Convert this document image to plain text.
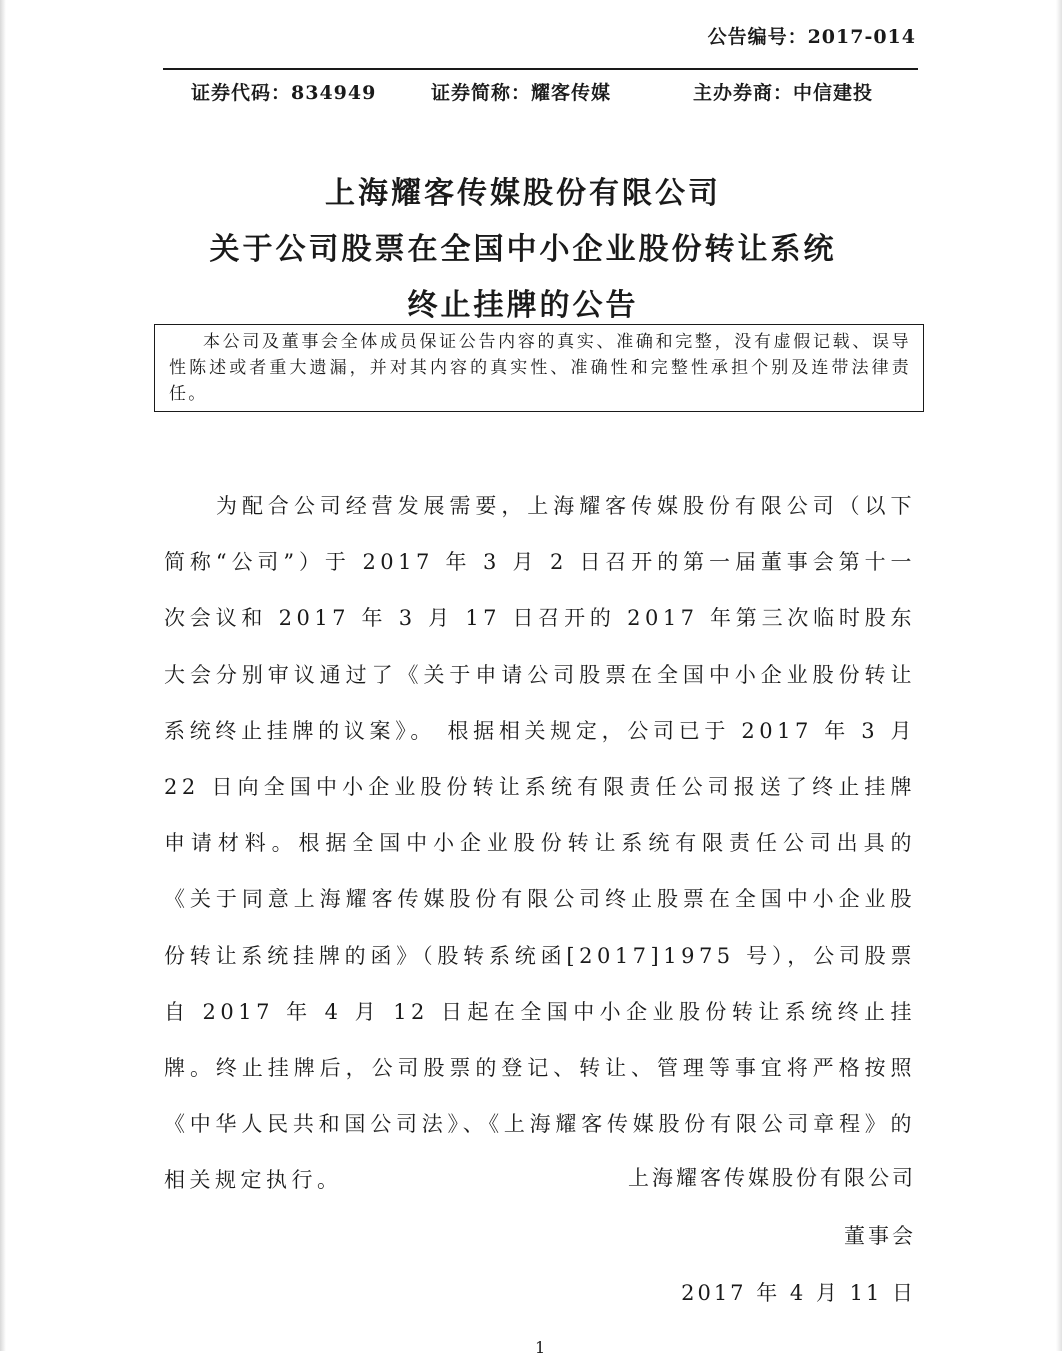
公告编号：2017-014
证券代码：834949	证券简称：耀客传媒	主办券商：中信建投
上海耀客传媒股份有限公司
关于公司股票在全国中小企业股份转让系统
终止挂牌的公告
本公司及董事会全体成员保证公告内容的真实、准确和完整，没有虚假记载、误导性陈述或者重大遗漏，并对其内容的真实性、准确性和完整性承担个别及连带法律责任。
为配合公司经营发展需要，上海耀客传媒股份有限公司（以下简称“公司”）于 2017 年 3 月 2 日召开的第一届董事会第十一次会议和 2017 年 3 月 17 日召开的 2017 年第三次临时股东大会分别审议通过了《关于申请公司股票在全国中小企业股份转让系统终止挂牌的议案》。 根据相关规定，公司已于 2017 年 3 月 22 日向全国中小企业股份转让系统有限责任公司报送了终止挂牌申请材料。根据全国中小企业股份转让系统有限责任公司出具的《关于同意上海耀客传媒股份有限公司终止股票在全国中小企业股份转让系统挂牌的函》（股转系统函[2017]1975 号），公司股票自 2017 年 4 月 12 日起在全国中小企业股份转让系统终止挂牌。终止挂牌后，公司股票的登记、转让、管理等事宜将严格按照《中华人民共和国公司法》、《上海耀客传媒股份有限公司章程》的相关规定执行。	上海耀客传媒股份有限公司
董事会
2017 年 4 月 11 日
1
